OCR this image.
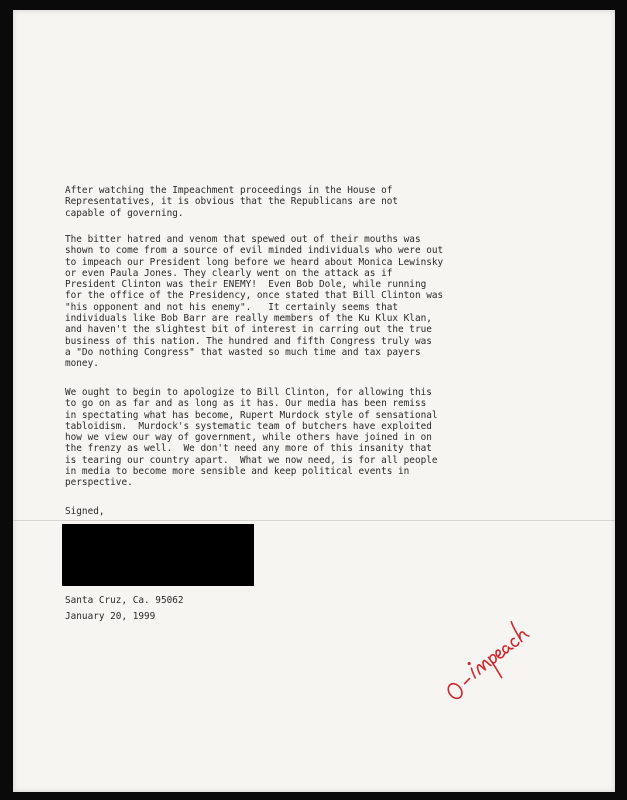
After watching the Impeachment proceedings in the House of
Representatives, it is obvious that the Republicans are not
capable of governing.
The bitter hatred and venom that spewed out of their mouths was
shown to come from a source of evil minded individuals who were out
to impeach our President long before we heard about Monica Lewinsky
or even Paula Jones. They clearly went on the attack as if
President Clinton was their ENEMY!  Even Bob Dole, while running
for the office of the Presidency, once stated that Bill Clinton was
"his opponent and not his enemy".   It certainly seems that
individuals like Bob Barr are really members of the Ku Klux Klan,
and haven't the slightest bit of interest in carring out the true
business of this nation. The hundred and fifth Congress truly was
a "Do nothing Congress" that wasted so much time and tax payers
money.
We ought to begin to apologize to Bill Clinton, for allowing this
to go on as far and as long as it has. Our media has been remiss
in spectating what has become, Rupert Murdock style of sensational
tabloidism.  Murdock's systematic team of butchers have exploited
how we view our way of government, while others have joined in on
the frenzy as well.  We don't need any more of this insanity that
is tearing our country apart.  What we now need, is for all people
in media to become more sensible and keep political events in
perspective.
Signed,
Santa Cruz, Ca. 95062
January 20, 1999
